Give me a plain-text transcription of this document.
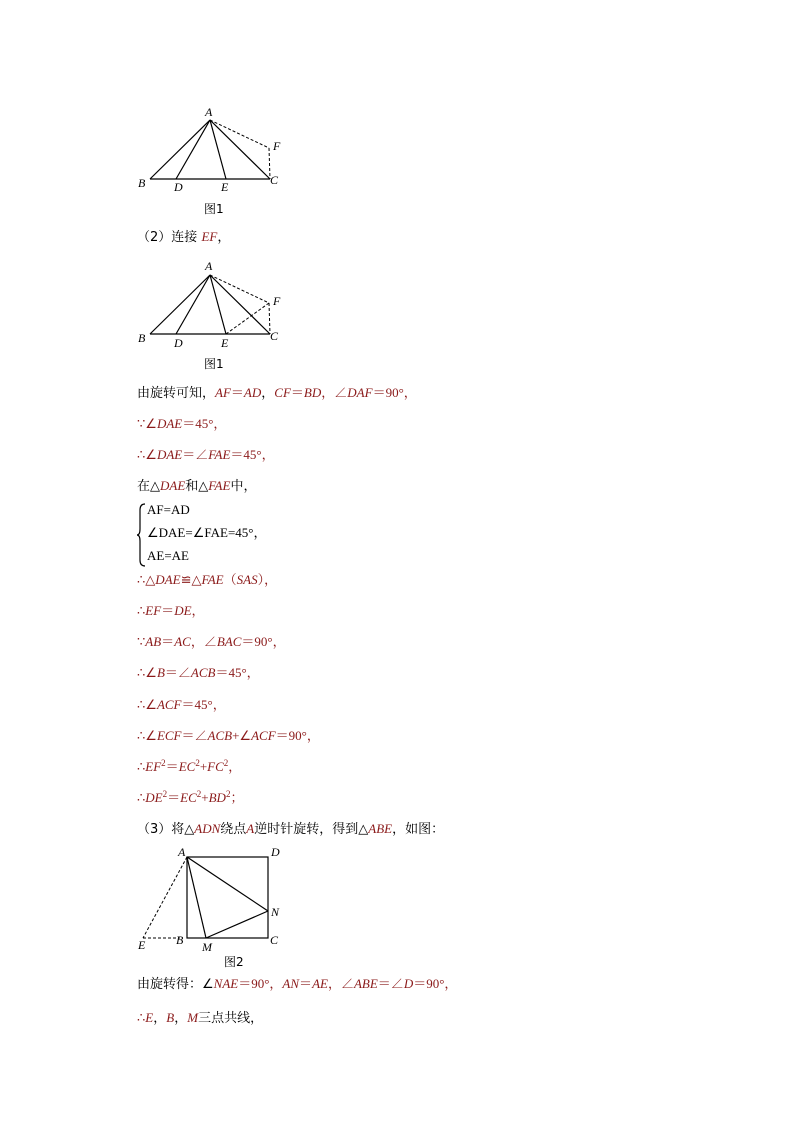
A
B D	E	C
F
图1
（2）连接 EF，
A
B D	E	C
F
图1
由旋转可知，AF＝AD，CF＝BD，∠DAF＝90°，
∵∠DAE＝45°，
∴∠DAE＝∠FAE＝45°，
在△DAE和△FAE中，
AF=AD
∠DAE=∠FAE=45°，
AE=AE
∴△DAE≌△FAE（SAS），
∴EF＝DE，
∵AB＝AC，∠BAC＝90°，
∴∠B＝∠ACB＝45°，
∴∠ACF＝45°，
∴∠ECF＝∠ACB+∠ACF＝90°，
$\therefore EF^2=EC^2+FC^2$，
$\therefore DE^2=EC^2+BD^2$；
（3）将△ADN绕点A逆时针旋转，得到△ABE，如图：
A	D
N
C
B M
E
图2
由旋转得：∠NAE＝90°，AN＝AE，∠ABE＝∠D＝90°，
∴E，B，M三点共线，
